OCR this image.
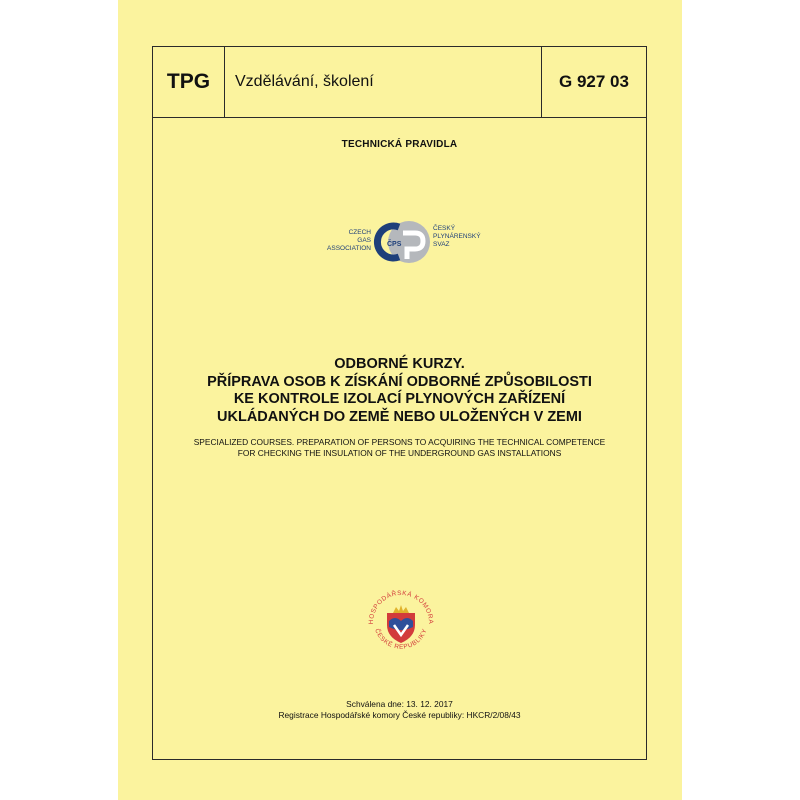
TPG	Vzdělávání, školení	G 927 03
TECHNICKÁ PRAVIDLA
CZECH
GAS
ASSOCIATION
ČPS
ČESKÝ
PLYNÁRENSKÝ
SVAZ
ODBORNÉ KURZY.
PŘÍPRAVA OSOB K ZÍSKÁNÍ ODBORNÉ ZPŮSOBILOSTI
KE KONTROLE IZOLACÍ PLYNOVÝCH ZAŘÍZENÍ
UKLÁDANÝCH DO ZEMĚ NEBO ULOŽENÝCH V ZEMI
SPECIALIZED COURSES. PREPARATION OF PERSONS TO ACQUIRING THE TECHNICAL COMPETENCE
FOR CHECKING THE INSULATION OF THE UNDERGROUND GAS INSTALLATIONS
HOSPODÁŘSKÁ KOMORA
ČESKÉ REPUBLIKY
Schválena dne: 13. 12. 2017
Registrace Hospodářské komory České republiky: HKCR/2/08/43
